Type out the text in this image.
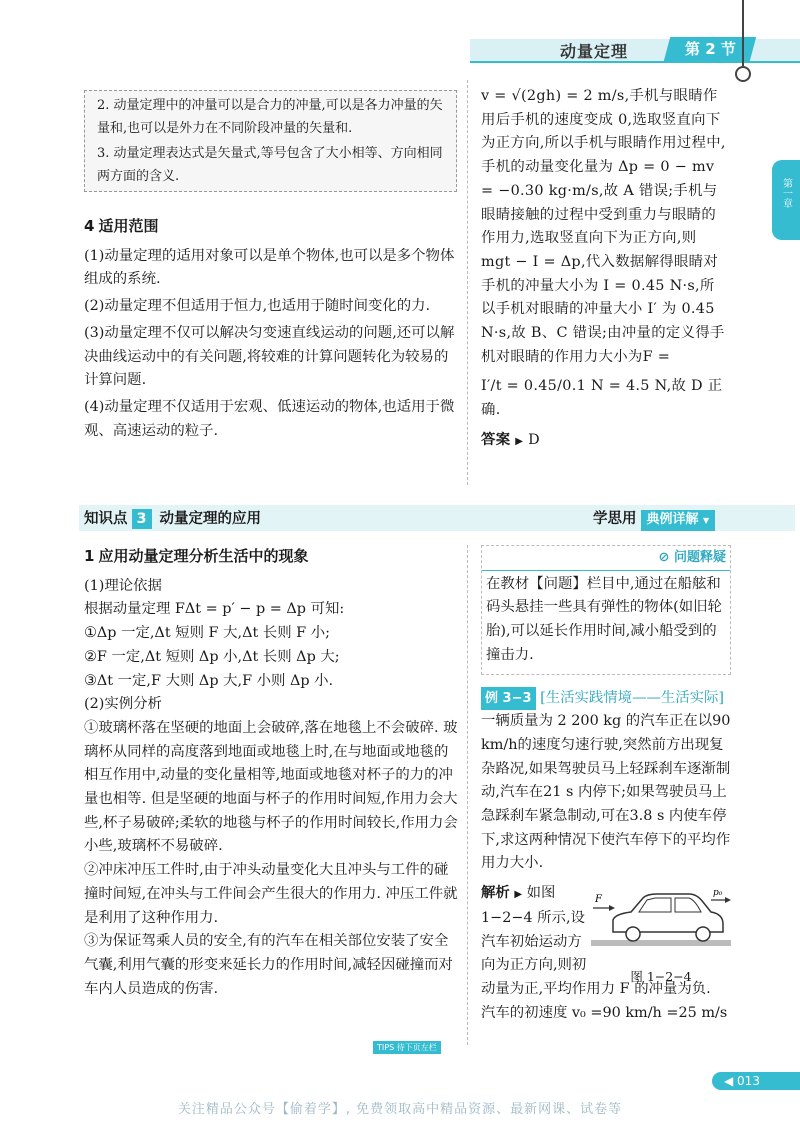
动量定理	第 2 节
第一章

2. 动量定理中的冲量可以是合力的冲量,可以是各力冲量的矢量和,也可以是外力在不同阶段冲量的矢量和.

3. 动量定理表达式是矢量式,等号包含了大小相等、方向相同两方面的含义.

4 适用范围

(1)动量定理的适用对象可以是单个物体,也可以是多个物体组成的系统.

(2)动量定理不但适用于恒力,也适用于随时间变化的力.

(3)动量定理不仅可以解决匀变速直线运动的问题,还可以解决曲线运动中的有关问题,将较难的计算问题转化为较易的计算问题.

(4)动量定理不仅适用于宏观、低速运动的物体,也适用于微观、高速运动的粒子.

v = √(2gh) = 2 m/s,手机与眼睛作用后手机的速度变成 0,选取竖直向下为正方向,所以手机与眼睛作用过程中,手机的动量变化量为 Δp = 0 − mv = −0.30 kg·m/s,故 A 错误;手机与眼睛接触的过程中受到重力与眼睛的作用力,选取竖直向下为正方向,则 mgt − I = Δp,代入数据解得眼睛对手机的冲量大小为 I = 0.45 N·s,所以手机对眼睛的冲量大小 I′ 为 0.45 N·s,故 B、C 错误;由冲量的定义得手机对眼睛的作用力大小为F =

I′/t = 0.45/0.1 N = 4.5 N,故 D 正确.

答案 ▶ D

知识点 3 动量定理的应用	学思用 典例详解 ▼

1 应用动量定理分析生活中的现象

(1)理论依据

根据动量定理 FΔt = p′ − p = Δp 可知:

①Δp 一定,Δt 短则 F 大,Δt 长则 F 小;

②F 一定,Δt 短则 Δp 小,Δt 长则 Δp 大;

③Δt 一定,F 大则 Δp 大,F 小则 Δp 小.

(2)实例分析

①玻璃杯落在坚硬的地面上会破碎,落在地毯上不会破碎. 玻璃杯从同样的高度落到地面或地毯上时,在与地面或地毯的相互作用中,动量的变化量相等,地面或地毯对杯子的力的冲量也相等. 但是坚硬的地面与杯子的作用时间短,作用力会大些,杯子易破碎;柔软的地毯与杯子的作用时间较长,作用力会小些,玻璃杯不易破碎.

②冲床冲压工件时,由于冲头动量变化大且冲头与工件的碰撞时间短,在冲头与工件间会产生很大的作用力. 冲压工件就是利用了这种作用力.

③为保证驾乘人员的安全,有的汽车在相关部位安装了安全气囊,利用气囊的形变来延长力的作用时间,减轻因碰撞而对车内人员造成的伤害.

TIPS 待下页左栏
⊘ 问题释疑

在教材【问题】栏目中,通过在船舷和码头悬挂一些具有弹性的物体(如旧轮胎),可以延长作用时间,减小船受到的撞击力.

例 3−3 [生活实践情境——生活实际]一辆质量为 2 200 kg 的汽车正在以90 km/h的速度匀速行驶,突然前方出现复杂路况,如果驾驶员马上轻踩刹车逐渐制动,汽车在21 s 内停下;如果驾驶员马上急踩刹车紧急制动,可在3.8 s 内使车停下,求这两种情况下使汽车停下的平均作用力大小.

F
p₀
图 1−2−4

解析 ▶ 如图 1−2−4 所示,设汽车初始运动方向为正方向,则初动量为正,平均作用力 F 的冲量为负.

汽车的初速度 v₀ =90 km/h =25 m/s

◀ 013
关注精品公众号【偷着学】, 免费领取高中精品资源、最新网课、试卷等
